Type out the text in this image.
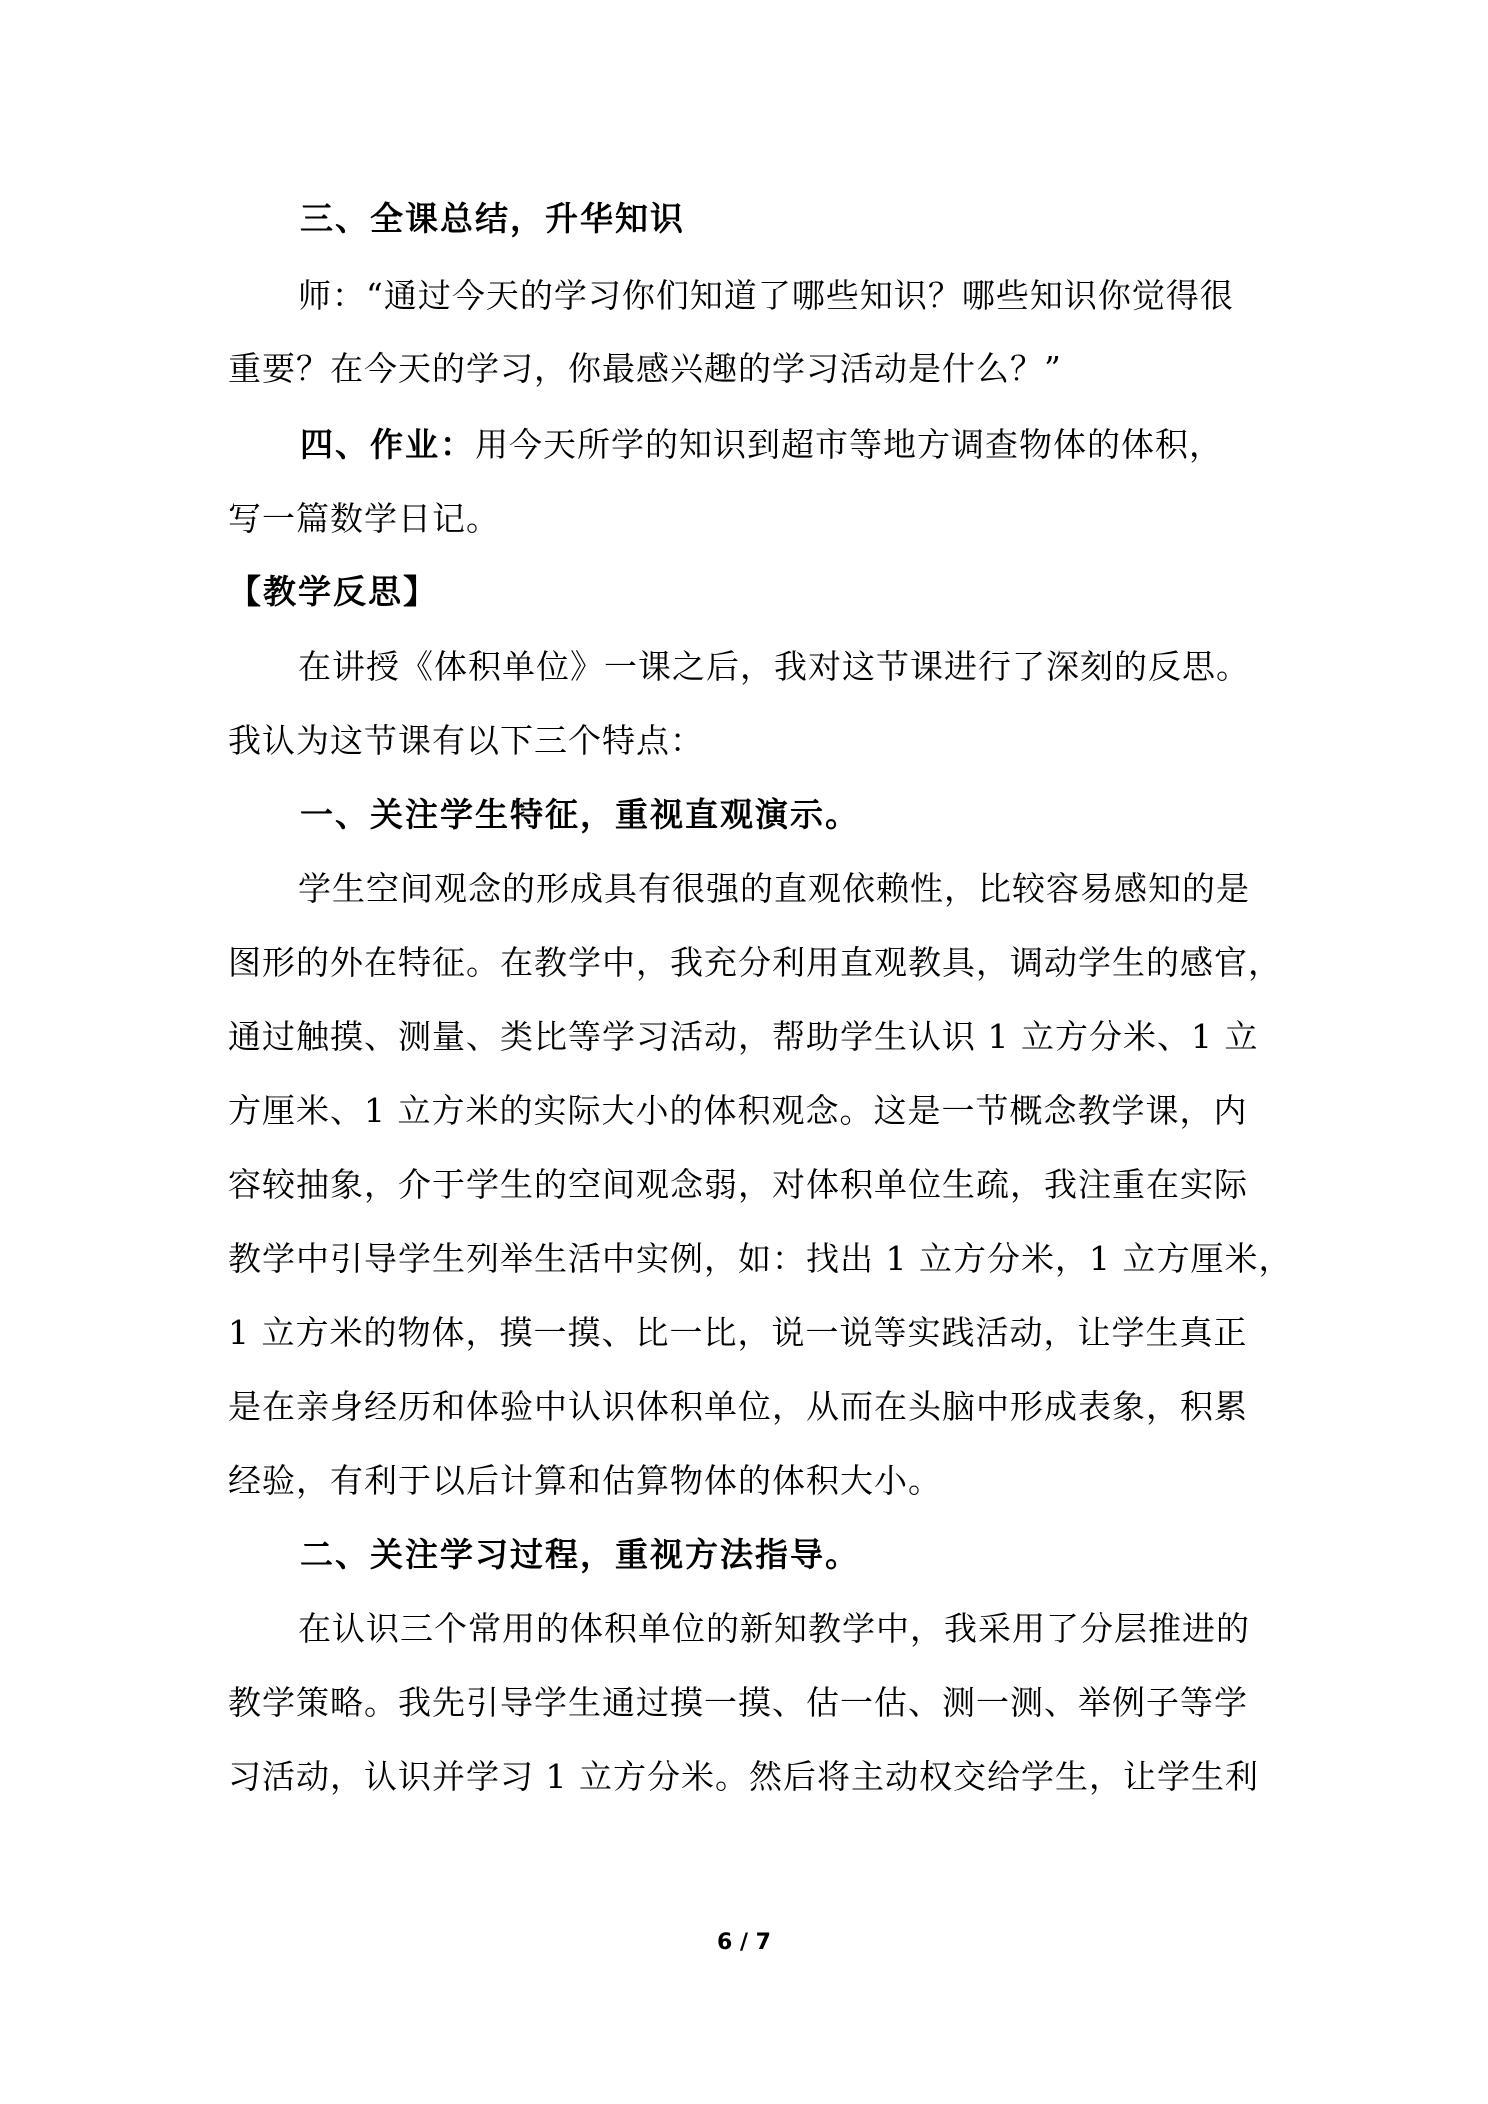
三、全课总结，升华知识

师：“通过今天的学习你们知道了哪些知识？哪些知识你觉得很

重要？在今天的学习，你最感兴趣的学习活动是什么？”

四、作业：用今天所学的知识到超市等地方调查物体的体积，

写一篇数学日记。

【教学反思】

在讲授《体积单位》一课之后，我对这节课进行了深刻的反思。

我认为这节课有以下三个特点：

一、关注学生特征，重视直观演示。

学生空间观念的形成具有很强的直观依赖性，比较容易感知的是

图形的外在特征。在教学中，我充分利用直观教具，调动学生的感官，

通过触摸、测量、类比等学习活动，帮助学生认识 1 立方分米、1 立

方厘米、1 立方米的实际大小的体积观念。这是一节概念教学课，内

容较抽象，介于学生的空间观念弱，对体积单位生疏，我注重在实际

教学中引导学生列举生活中实例，如：找出 1 立方分米，1 立方厘米，

1 立方米的物体，摸一摸、比一比，说一说等实践活动，让学生真正

是在亲身经历和体验中认识体积单位，从而在头脑中形成表象，积累

经验，有利于以后计算和估算物体的体积大小。

二、关注学习过程，重视方法指导。

在认识三个常用的体积单位的新知教学中，我采用了分层推进的

教学策略。我先引导学生通过摸一摸、估一估、测一测、举例子等学

习活动，认识并学习 1 立方分米。然后将主动权交给学生，让学生利

6 / 7
